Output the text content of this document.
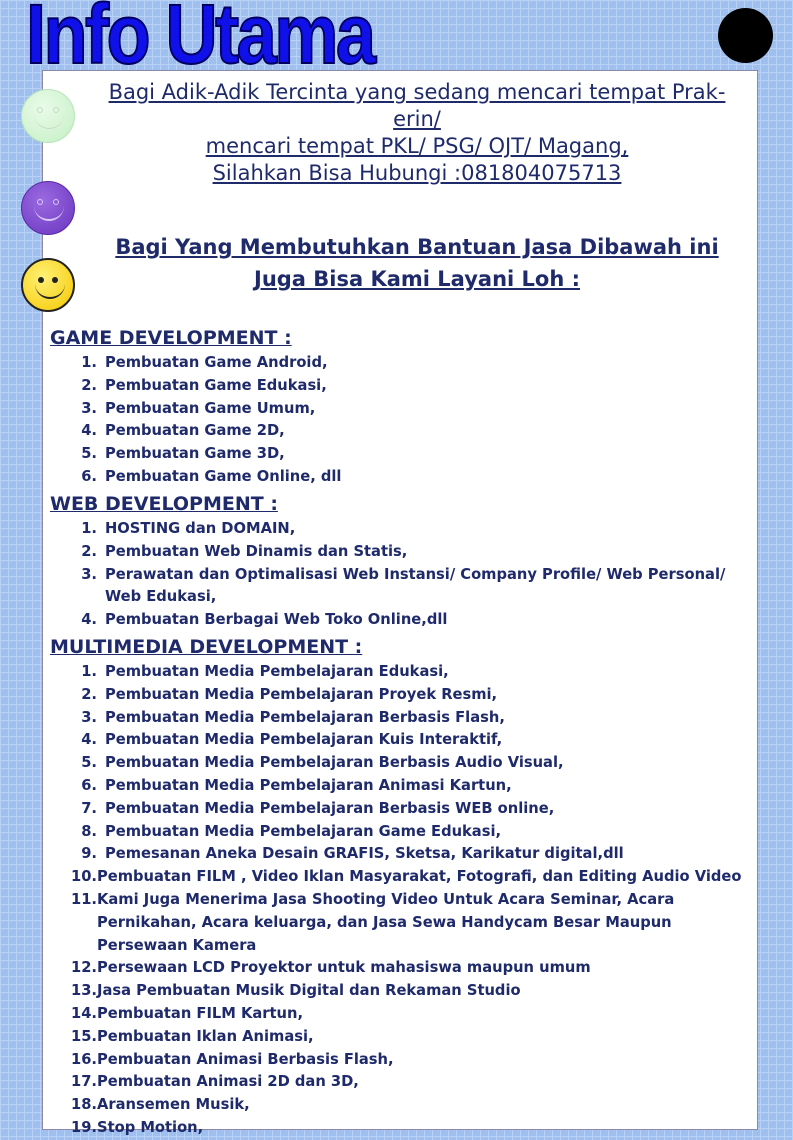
Info Utama

Bagi Adik-Adik Tercinta yang sedang mencari tempat Prak-erin/

mencari tempat PKL/ PSG/ OJT/ Magang,

Silahkan Bisa Hubungi :081804075713

Bagi Yang Membutuhkan Bantuan Jasa Dibawah ini

Juga Bisa Kami Layani Loh :

GAME DEVELOPMENT :
1. Pembuatan Game Android,
2. Pembuatan Game Edukasi,
3. Pembuatan Game Umum,
4. Pembuatan Game 2D,
5. Pembuatan Game 3D,
6. Pembuatan Game Online, dll
WEB DEVELOPMENT :
1. HOSTING dan DOMAIN,
2. Pembuatan Web Dinamis dan Statis,
3. Perawatan dan Optimalisasi Web Instansi/ Company Profile/ Web Personal/ Web Edukasi,
4. Pembuatan Berbagai Web Toko Online,dll
MULTIMEDIA DEVELOPMENT :
1. Pembuatan Media Pembelajaran Edukasi,
2. Pembuatan Media Pembelajaran Proyek Resmi,
3. Pembuatan Media Pembelajaran Berbasis Flash,
4. Pembuatan Media Pembelajaran Kuis Interaktif,
5. Pembuatan Media Pembelajaran Berbasis Audio Visual,
6. Pembuatan Media Pembelajaran Animasi Kartun,
7. Pembuatan Media Pembelajaran Berbasis WEB online,
8. Pembuatan Media Pembelajaran Game Edukasi,
9. Pemesanan Aneka Desain GRAFIS, Sketsa, Karikatur digital,dll
10. Pembuatan FILM , Video Iklan Masyarakat, Fotografi, dan Editing Audio Video
11. Kami Juga Menerima Jasa Shooting Video Untuk Acara Seminar, Acara Pernikahan, Acara keluarga, dan Jasa Sewa Handycam Besar Maupun Persewaan Kamera
12. Persewaan LCD Proyektor untuk mahasiswa maupun umum
13. Jasa Pembuatan Musik Digital dan Rekaman Studio
14. Pembuatan FILM Kartun,
15. Pembuatan Iklan Animasi,
16. Pembuatan Animasi Berbasis Flash,
17. Pembuatan Animasi 2D dan 3D,
18. Aransemen Musik,
19. Stop Motion,
